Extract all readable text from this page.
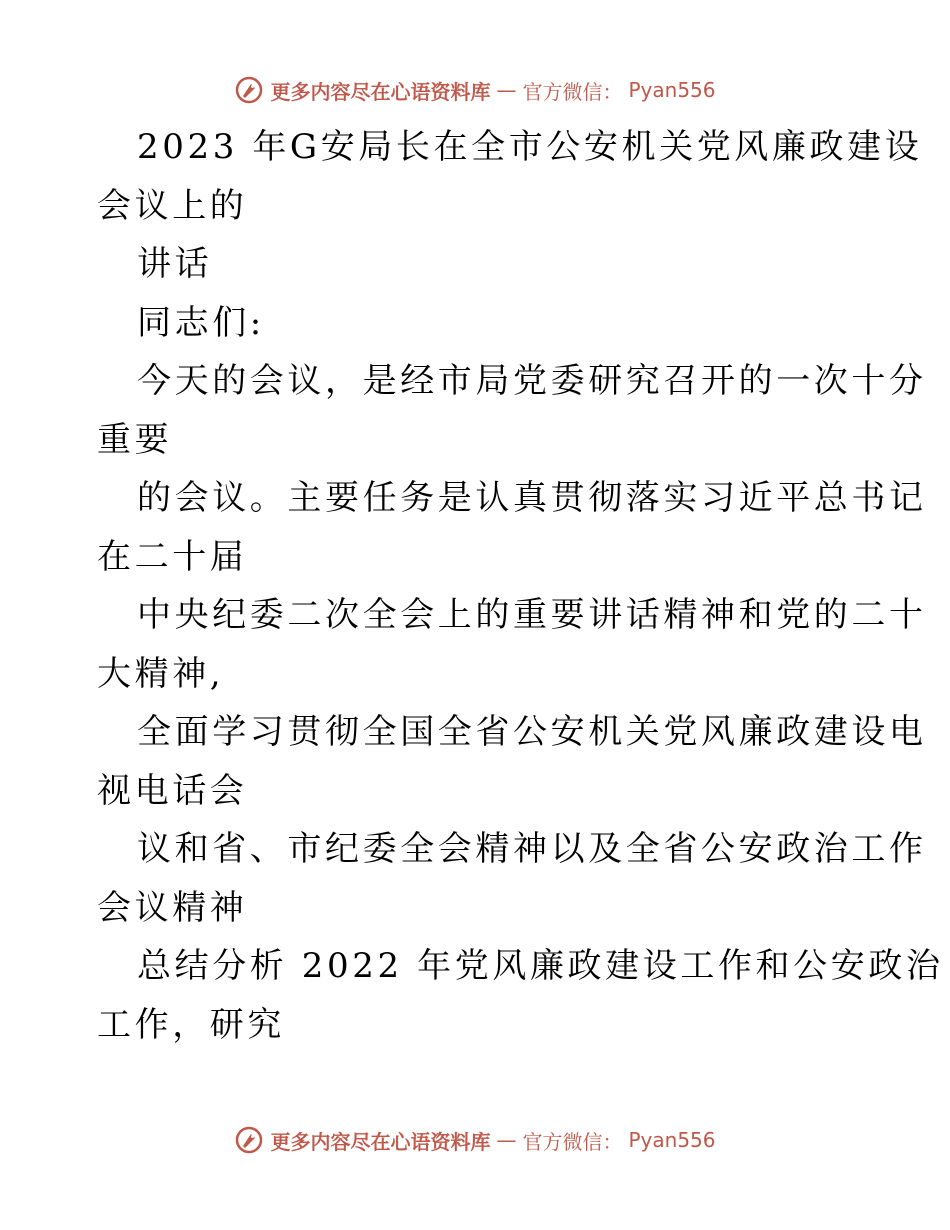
更多内容尽在心语资料库 — 官方微信： Pyan556
2023 年G安局长在全市公安机关党风廉政建设
会议上的
讲话
同志们:
今天的会议，是经市局党委研究召开的一次十分
重要
的会议。主要任务是认真贯彻落实习近平总书记
在二十届
中央纪委二次全会上的重要讲话精神和党的二十
大精神,
全面学习贯彻全国全省公安机关党风廉政建设电
视电话会
议和省、市纪委全会精神以及全省公安政治工作
会议精神
总结分析 2022 年党风廉政建设工作和公安政治
工作，研究
更多内容尽在心语资料库 — 官方微信： Pyan556
